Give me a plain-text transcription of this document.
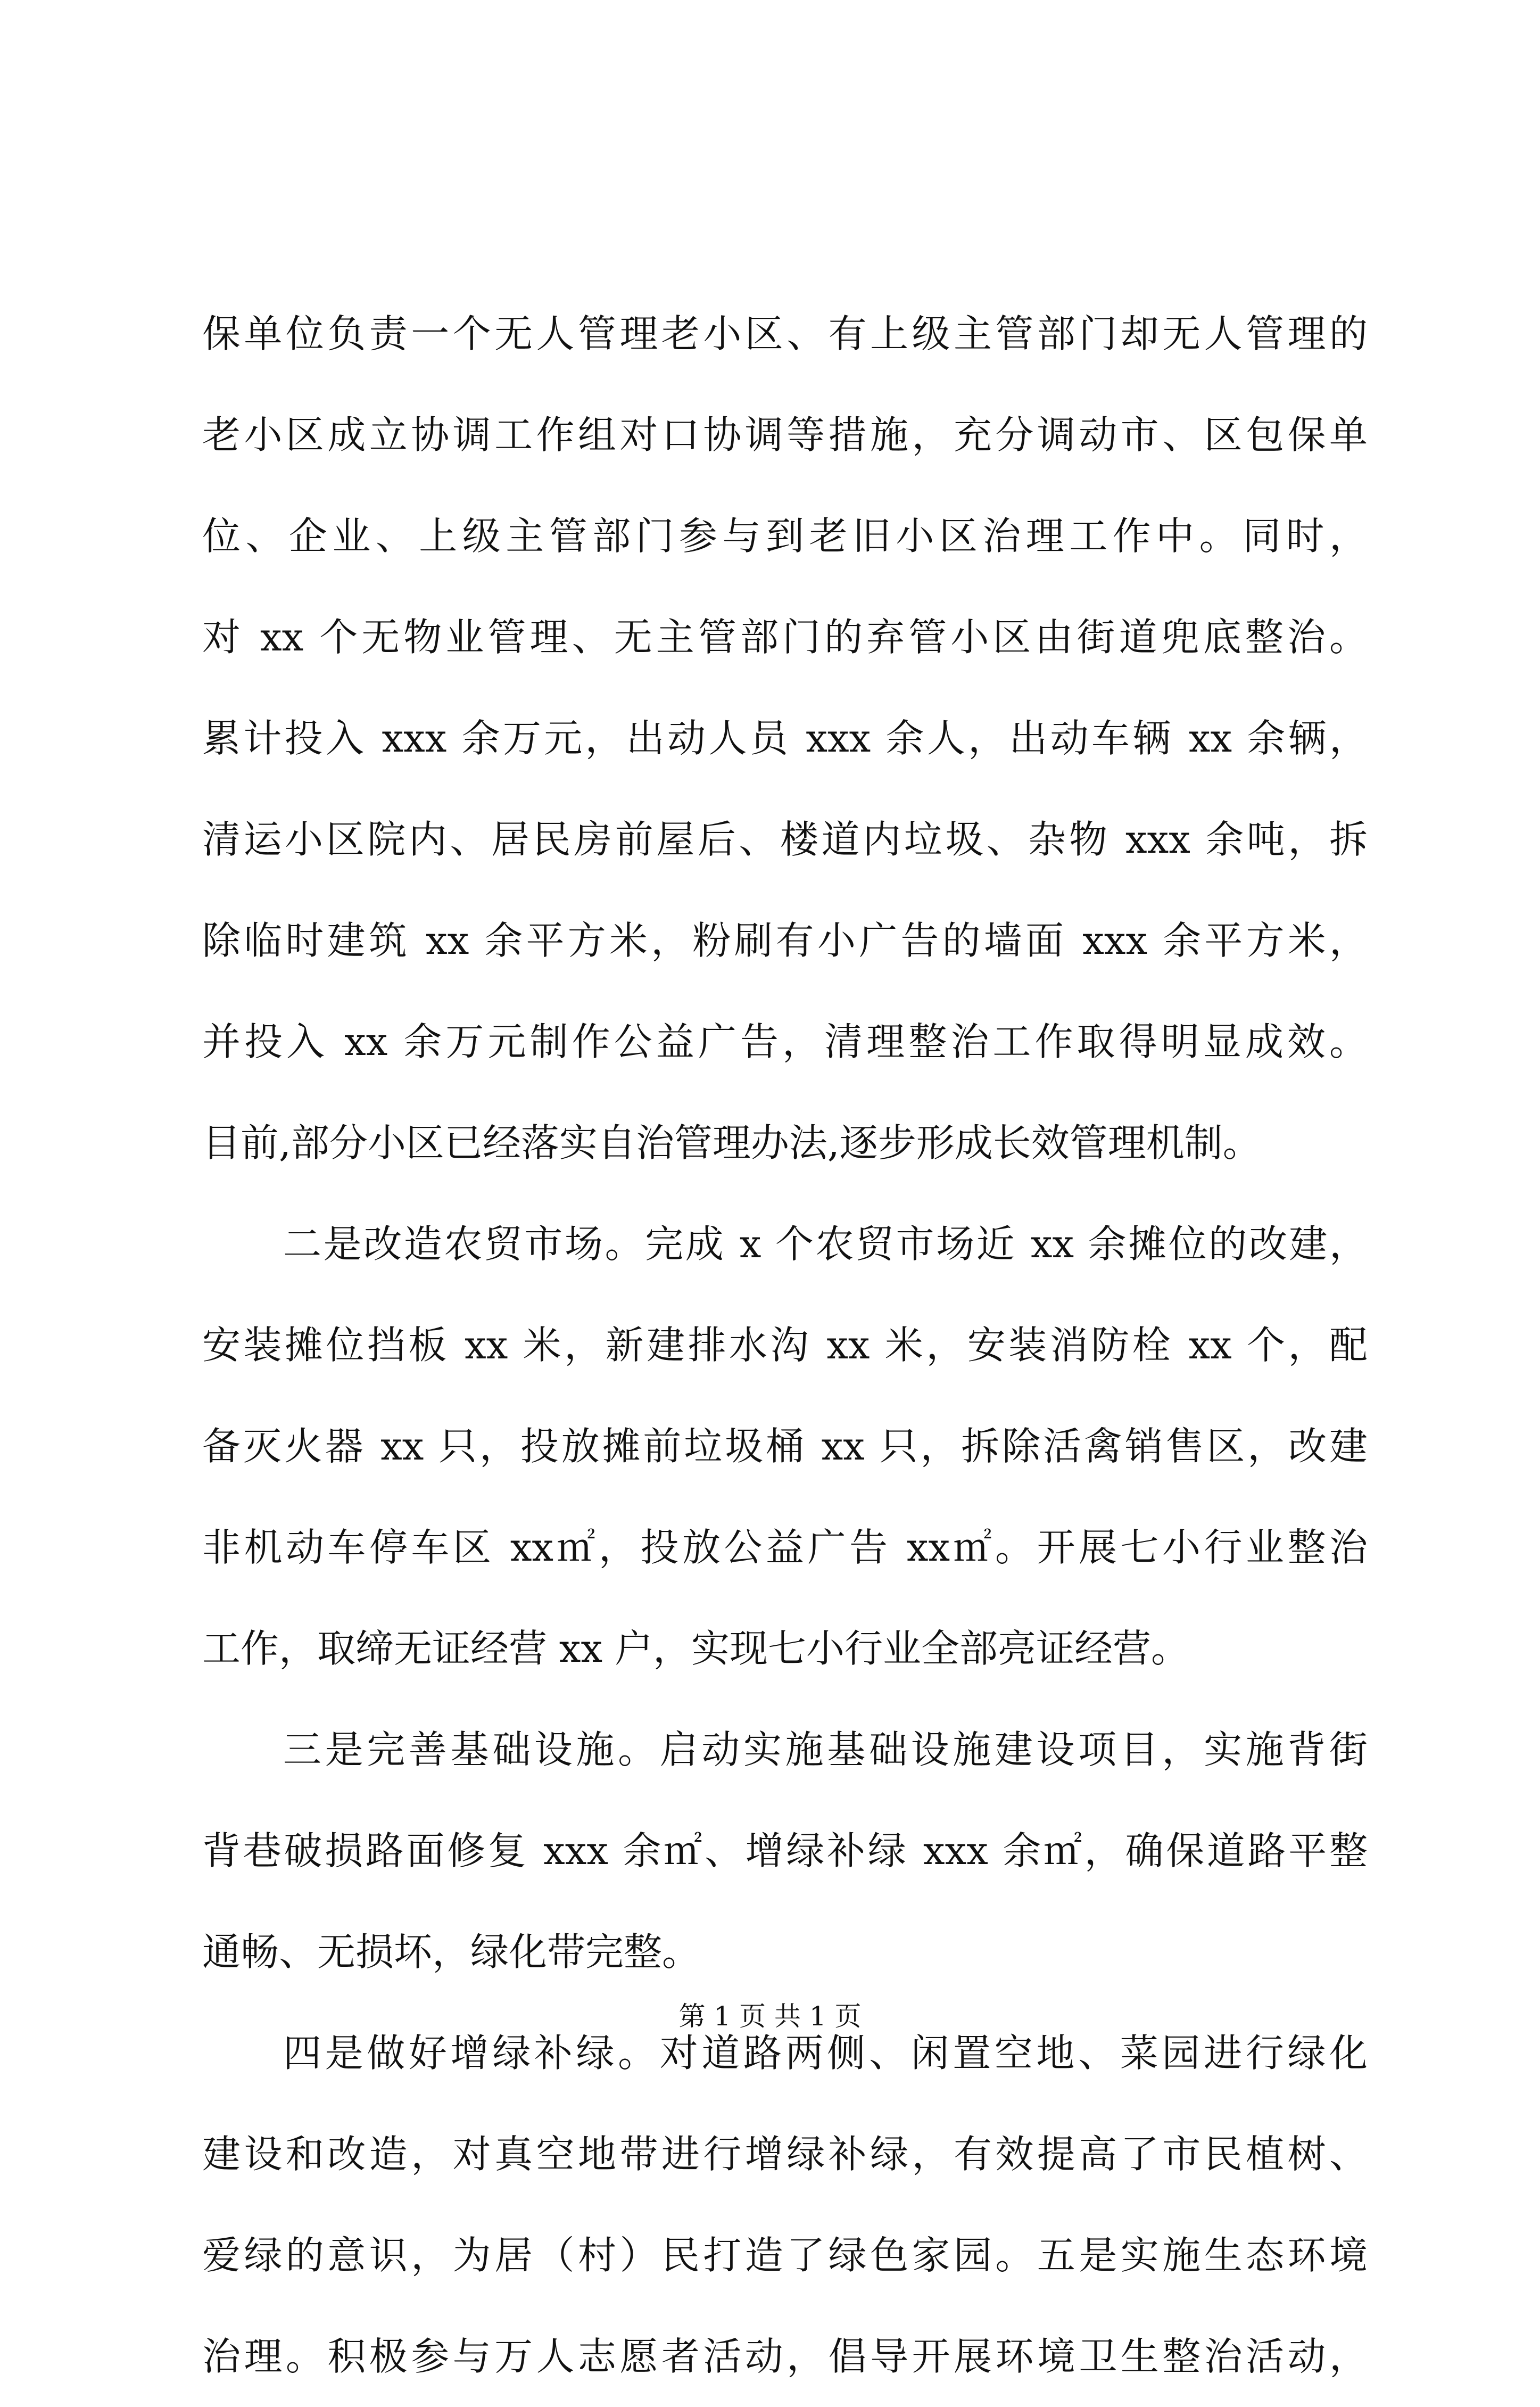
保单位负责一个无人管理老小区、有上级主管部门却无人管理的
老小区成立协调工作组对口协调等措施，充分调动市、区包保单
位、企业、上级主管部门参与到老旧小区治理工作中。同时，
对 xx 个无物业管理、无主管部门的弃管小区由街道兜底整治。
累计投入 xxx 余万元，出动人员 xxx 余人，出动车辆 xx 余辆，
清运小区院内、居民房前屋后、楼道内垃圾、杂物 xxx 余吨，拆
除临时建筑 xx 余平方米，粉刷有小广告的墙面 xxx 余平方米，
并投入 xx 余万元制作公益广告，清理整治工作取得明显成效。
目前,部分小区已经落实自治管理办法,逐步形成长效管理机制。
二是改造农贸市场。完成 x 个农贸市场近 xx 余摊位的改建，
安装摊位挡板 xx 米，新建排水沟 xx 米，安装消防栓 xx 个，配
备灭火器 xx 只，投放摊前垃圾桶 xx 只，拆除活禽销售区，改建
非机动车停车区 xx㎡，投放公益广告 xx㎡。开展七小行业整治
工作，取缔无证经营 xx 户，实现七小行业全部亮证经营。
三是完善基础设施。启动实施基础设施建设项目，实施背街
背巷破损路面修复 xxx 余㎡、增绿补绿 xxx 余㎡，确保道路平整
通畅、无损坏，绿化带完整。
四是做好增绿补绿。对道路两侧、闲置空地、菜园进行绿化
建设和改造，对真空地带进行增绿补绿，有效提高了市民植树、
爱绿的意识，为居（村）民打造了绿色家园。五是实施生态环境
治理。积极参与万人志愿者活动，倡导开展环境卫生整治活动，
第 1 页 共 1 页
